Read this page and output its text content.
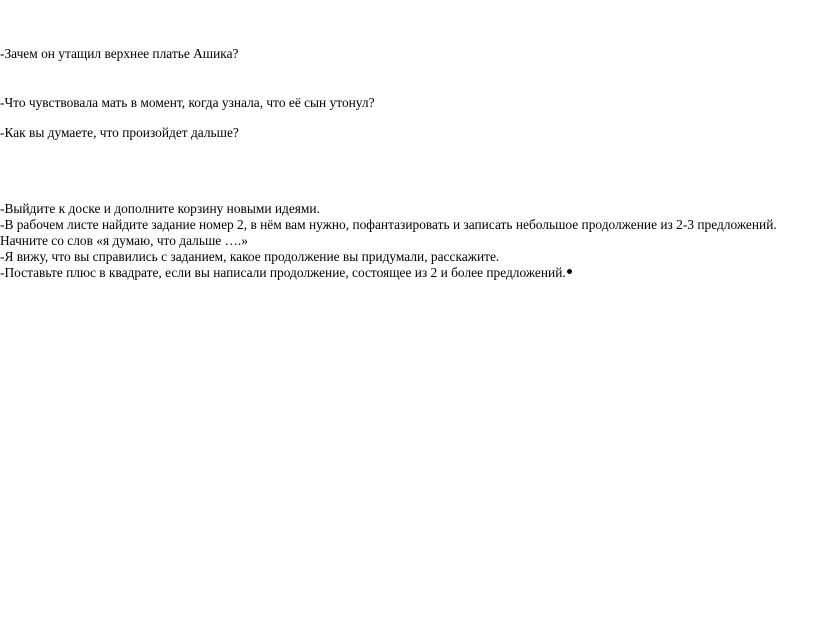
-Зачем он утащил верхнее платье Ашика?
-Что чувствовала мать в момент, когда узнала, что её сын утонул?
-Как вы думаете, что произойдет дальше?
-Выйдите к доске и дополните корзину новыми идеями.
-В рабочем листе найдите задание номер 2, в нём вам нужно, пофантазировать и записать небольшое продолжение из 2-3 предложений.
Начните со слов «я думаю, что дальше ….»
-Я вижу, что вы справились с заданием, какое продолжение вы придумали, расскажите.
-Поставьте плюс в квадрате, если вы написали продолжение, состоящее из 2 и более предложений.
